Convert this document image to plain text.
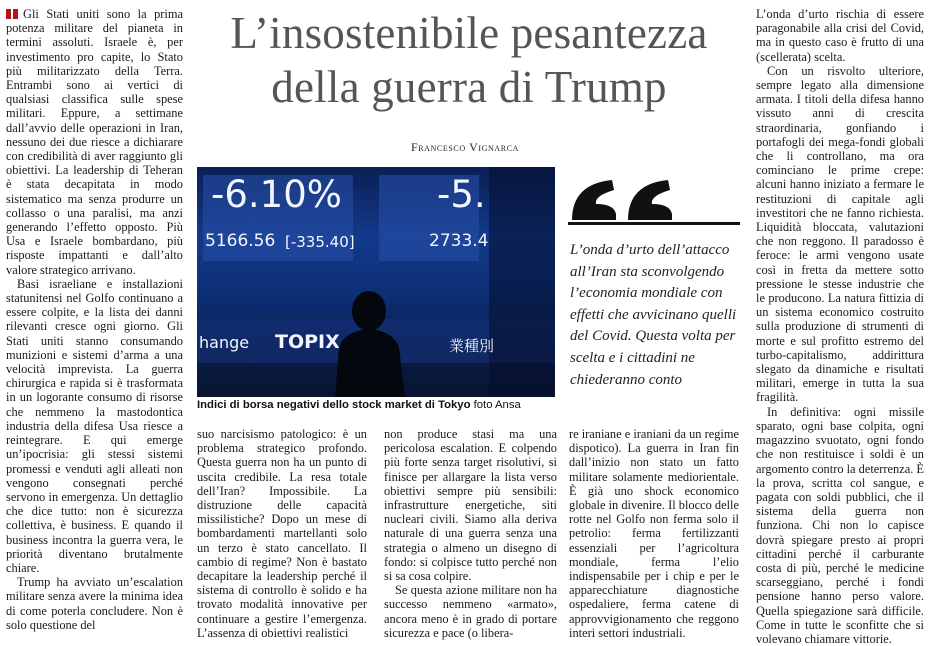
L’insostenibile pesantezza
della guerra di Trump
Francesco Vignarca

Gli Stati uniti sono la prima potenza militare del pianeta in termini assoluti. Israele è, per investimento pro capite, lo Stato più militarizzato della Terra. Entrambi sono ai vertici di qualsiasi classifica sulle spese militari. Eppure, a settimane dall’avvio delle operazioni in Iran, nessuno dei due riesce a dichiarare con credibilità di aver raggiunto gli obiettivi. La leadership di Teheran è stata decapitata in modo sistematico ma senza produrre un collasso o una paralisi, ma anzi generando l’effetto opposto. Più Usa e Israele bombardano, più risposte impattanti e dall’alto valore strategico arrivano.

Basi israeliane e installazioni statunitensi nel Golfo continuano a essere colpite, e la lista dei danni rilevanti cresce ogni giorno. Gli Stati uniti stanno consumando munizioni e sistemi d’arma a una velocità imprevista. La guerra chirurgica e rapida si è trasformata in un logorante consumo di risorse che nemmeno la mastodontica industria della difesa Usa riesce a reintegrare. E qui emerge un’ipocrisia: gli stessi sistemi promessi e venduti agli alleati non vengono consegnati perché servono in emergenza. Un dettaglio che dice tutto: non è sicurezza collettiva, è business. E quando il business incontra la guerra vera, le priorità diventano brutalmente chiare.

Trump ha avviato un’escalation militare senza avere la minima idea di come poterla concludere. Non è solo questione del

-6.10%	-5.
5166.56 [-335.40]	2733.4
hange TOPIX	業種別
Indici di borsa negativi dello stock market di Tokyo foto Ansa
L’onda d’urto dell’attacco all’Iran sta sconvolgendo l’economia mondiale con effetti che avvicinano quelli del Covid. Questa volta per scelta e i cittadini ne chiederanno conto

suo narcisismo patologico: è un problema strategico profondo. Questa guerra non ha un punto di uscita credibile. La resa totale dell’Iran? Impossibile. La distruzione delle capacità missilistiche? Dopo un mese di bombardamenti martellanti solo un terzo è stato cancellato. Il cambio di regime? Non è bastato decapitare la leadership perché il sistema di controllo è solido e ha trovato modalità innovative per continuare a gestire l’emergenza. L’assenza di obiettivi realistici

non produce stasi ma una pericolosa escalation. E colpendo più forte senza target risolutivi, si finisce per allargare la lista verso obiettivi sempre più sensibili: infrastrutture energetiche, siti nucleari civili. Siamo alla deriva naturale di una guerra senza una strategia o almeno un disegno di fondo: si colpisce tutto perché non si sa cosa colpire.

Se questa azione militare non ha successo nemmeno «armato», ancora meno è in grado di portare sicurezza e pace (o libera-

re iraniane e iraniani da un regime dispotico). La guerra in Iran fin dall’inizio non stato un fatto militare solamente mediorientale. È già uno shock economico globale in divenire. Il blocco delle rotte nel Golfo non ferma solo il petrolio: ferma fertilizzanti essenziali per l’agricoltura mondiale, ferma l’elio indispensabile per i chip e per le apparecchiature diagnostiche ospedaliere, ferma catene di approvvigionamento che reggono interi settori industriali.

L’onda d’urto rischia di essere paragonabile alla crisi del Covid, ma in questo caso è frutto di una (scellerata) scelta.

Con un risvolto ulteriore, sempre legato alla dimensione armata. I titoli della difesa hanno vissuto anni di crescita straordinaria, gonfiando i portafogli dei mega-fondi globali che li controllano, ma ora cominciano le prime crepe: alcuni hanno iniziato a fermare le restituzioni di capitale agli investitori che ne fanno richiesta. Liquidità bloccata, valutazioni che non reggono. Il paradosso è feroce: le armi vengono usate così in fretta da mettere sotto pressione le stesse industrie che le producono. La natura fittizia di un sistema economico costruito sulla produzione di strumenti di morte e sul profitto estremo del turbo-capitalismo, addirittura slegato da dinamiche e risultati militari, emerge in tutta la sua fragilità.

In definitiva: ogni missile sparato, ogni base colpita, ogni magazzino svuotato, ogni fondo che non restituisce i soldi è un argomento contro la deterrenza. È la prova, scritta col sangue, e pagata con soldi pubblici, che il sistema della guerra non funziona. Chi non lo capisce dovrà spiegare presto ai propri cittadini perché il carburante costa di più, perché le medicine scarseggiano, perché i fondi pensione hanno perso valore. Quella spiegazione sarà difficile. Come in tutte le sconfitte che si volevano chiamare vittorie.
